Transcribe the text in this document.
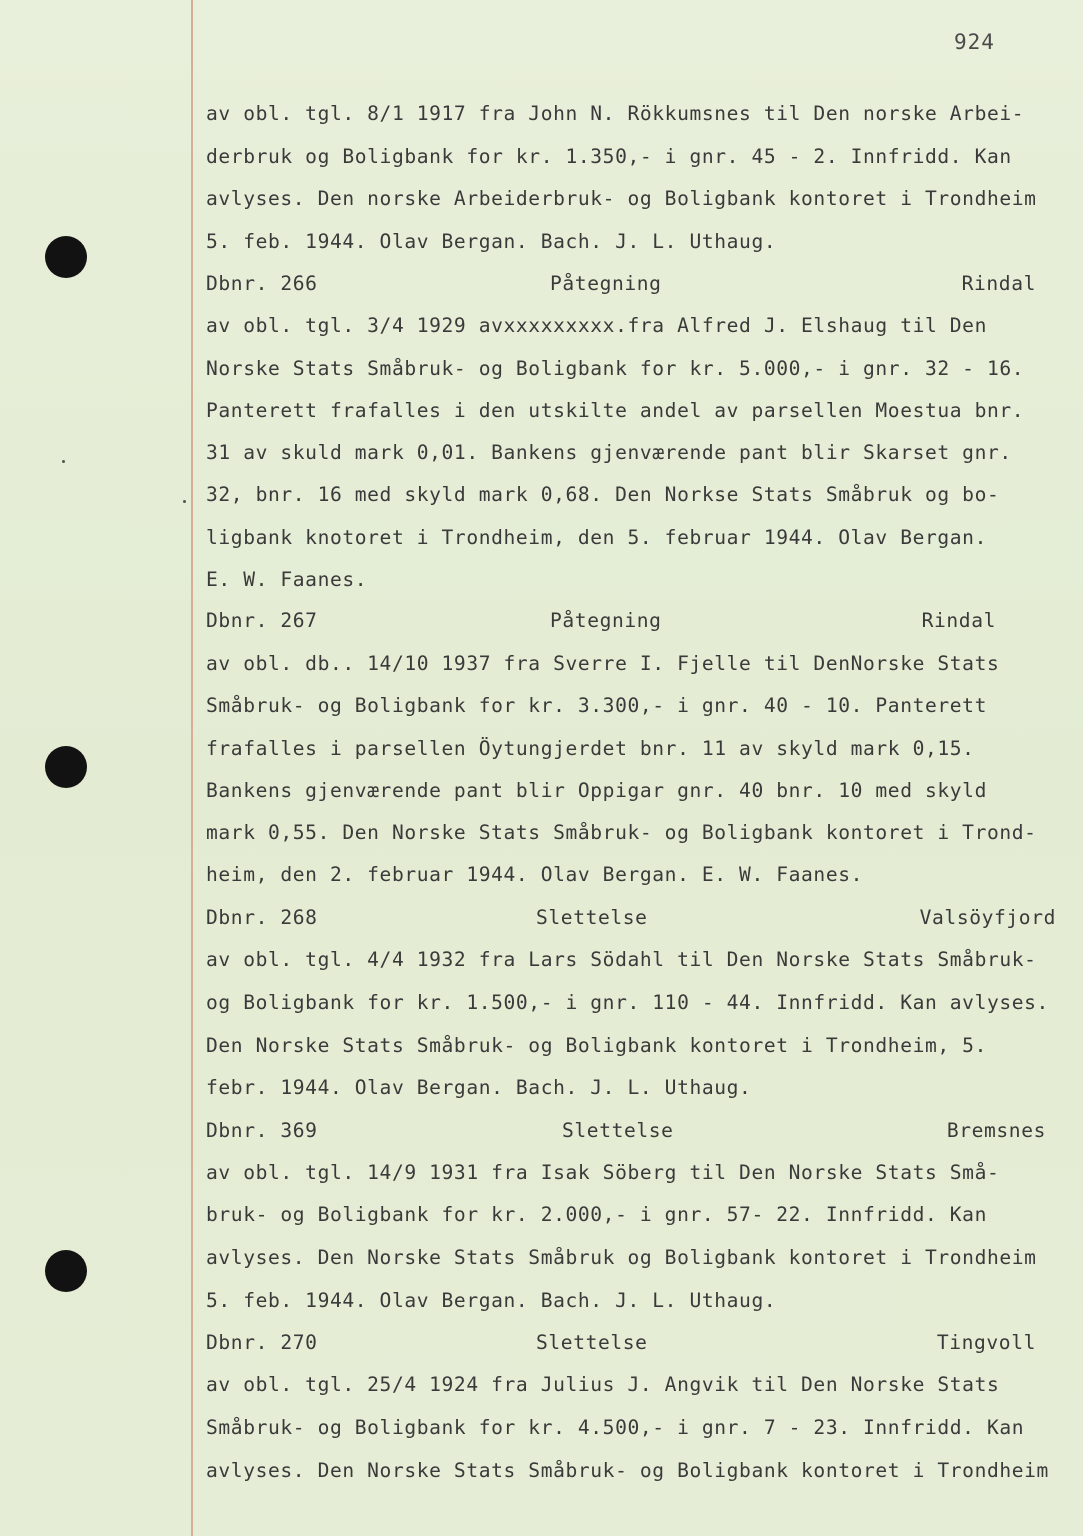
924
av obl. tgl. 8/1 1917 fra John N. Rökkumsnes til Den norske Arbei-
derbruk og Boligbank for kr. 1.350,- i gnr. 45 - 2. Innfridd. Kan
avlyses. Den norske Arbeiderbruk- og Boligbank kontoret i Trondheim
5. feb. 1944. Olav Bergan. Bach. J. L. Uthaug.
Dbnr. 266	Påtegning	Rindal
av obl. tgl. 3/4 1929 avxxxxxxxxx.fra Alfred J. Elshaug til Den
Norske Stats Småbruk- og Boligbank for kr. 5.000,- i gnr. 32 - 16.
Panterett frafalles i den utskilte andel av parsellen Moestua bnr.
31 av skuld mark 0,01. Bankens gjenværende pant blir Skarset gnr.
32, bnr. 16 med skyld mark 0,68. Den Norkse Stats Småbruk og bo-
ligbank knotoret i Trondheim, den 5. februar 1944. Olav Bergan.
E. W. Faanes.
Dbnr. 267	Påtegning	Rindal
av obl. db.. 14/10 1937 fra Sverre I. Fjelle til DenNorske Stats
Småbruk- og Boligbank for kr. 3.300,- i gnr. 40 - 10. Panterett
frafalles i parsellen Öytungjerdet bnr. 11 av skyld mark 0,15.
Bankens gjenværende pant blir Oppigar gnr. 40 bnr. 10 med skyld
mark 0,55. Den Norske Stats Småbruk- og Boligbank kontoret i Trond-
heim, den 2. februar 1944. Olav Bergan. E. W. Faanes.
Dbnr. 268	Slettelse	Valsöyfjord
av obl. tgl. 4/4 1932 fra Lars Södahl til Den Norske Stats Småbruk-
og Boligbank for kr. 1.500,- i gnr. 110 - 44. Innfridd. Kan avlyses.
Den Norske Stats Småbruk- og Boligbank kontoret i Trondheim, 5.
febr. 1944. Olav Bergan. Bach. J. L. Uthaug.
Dbnr. 369	Slettelse	Bremsnes
av obl. tgl. 14/9 1931 fra Isak Söberg til Den Norske Stats Små-
bruk- og Boligbank for kr. 2.000,- i gnr. 57- 22. Innfridd. Kan
avlyses. Den Norske Stats Småbruk og Boligbank kontoret i Trondheim
5. feb. 1944. Olav Bergan. Bach. J. L. Uthaug.
Dbnr. 270	Slettelse	Tingvoll
av obl. tgl. 25/4 1924 fra Julius J. Angvik til Den Norske Stats
Småbruk- og Boligbank for kr. 4.500,- i gnr. 7 - 23. Innfridd. Kan
avlyses. Den Norske Stats Småbruk- og Boligbank kontoret i Trondheim
